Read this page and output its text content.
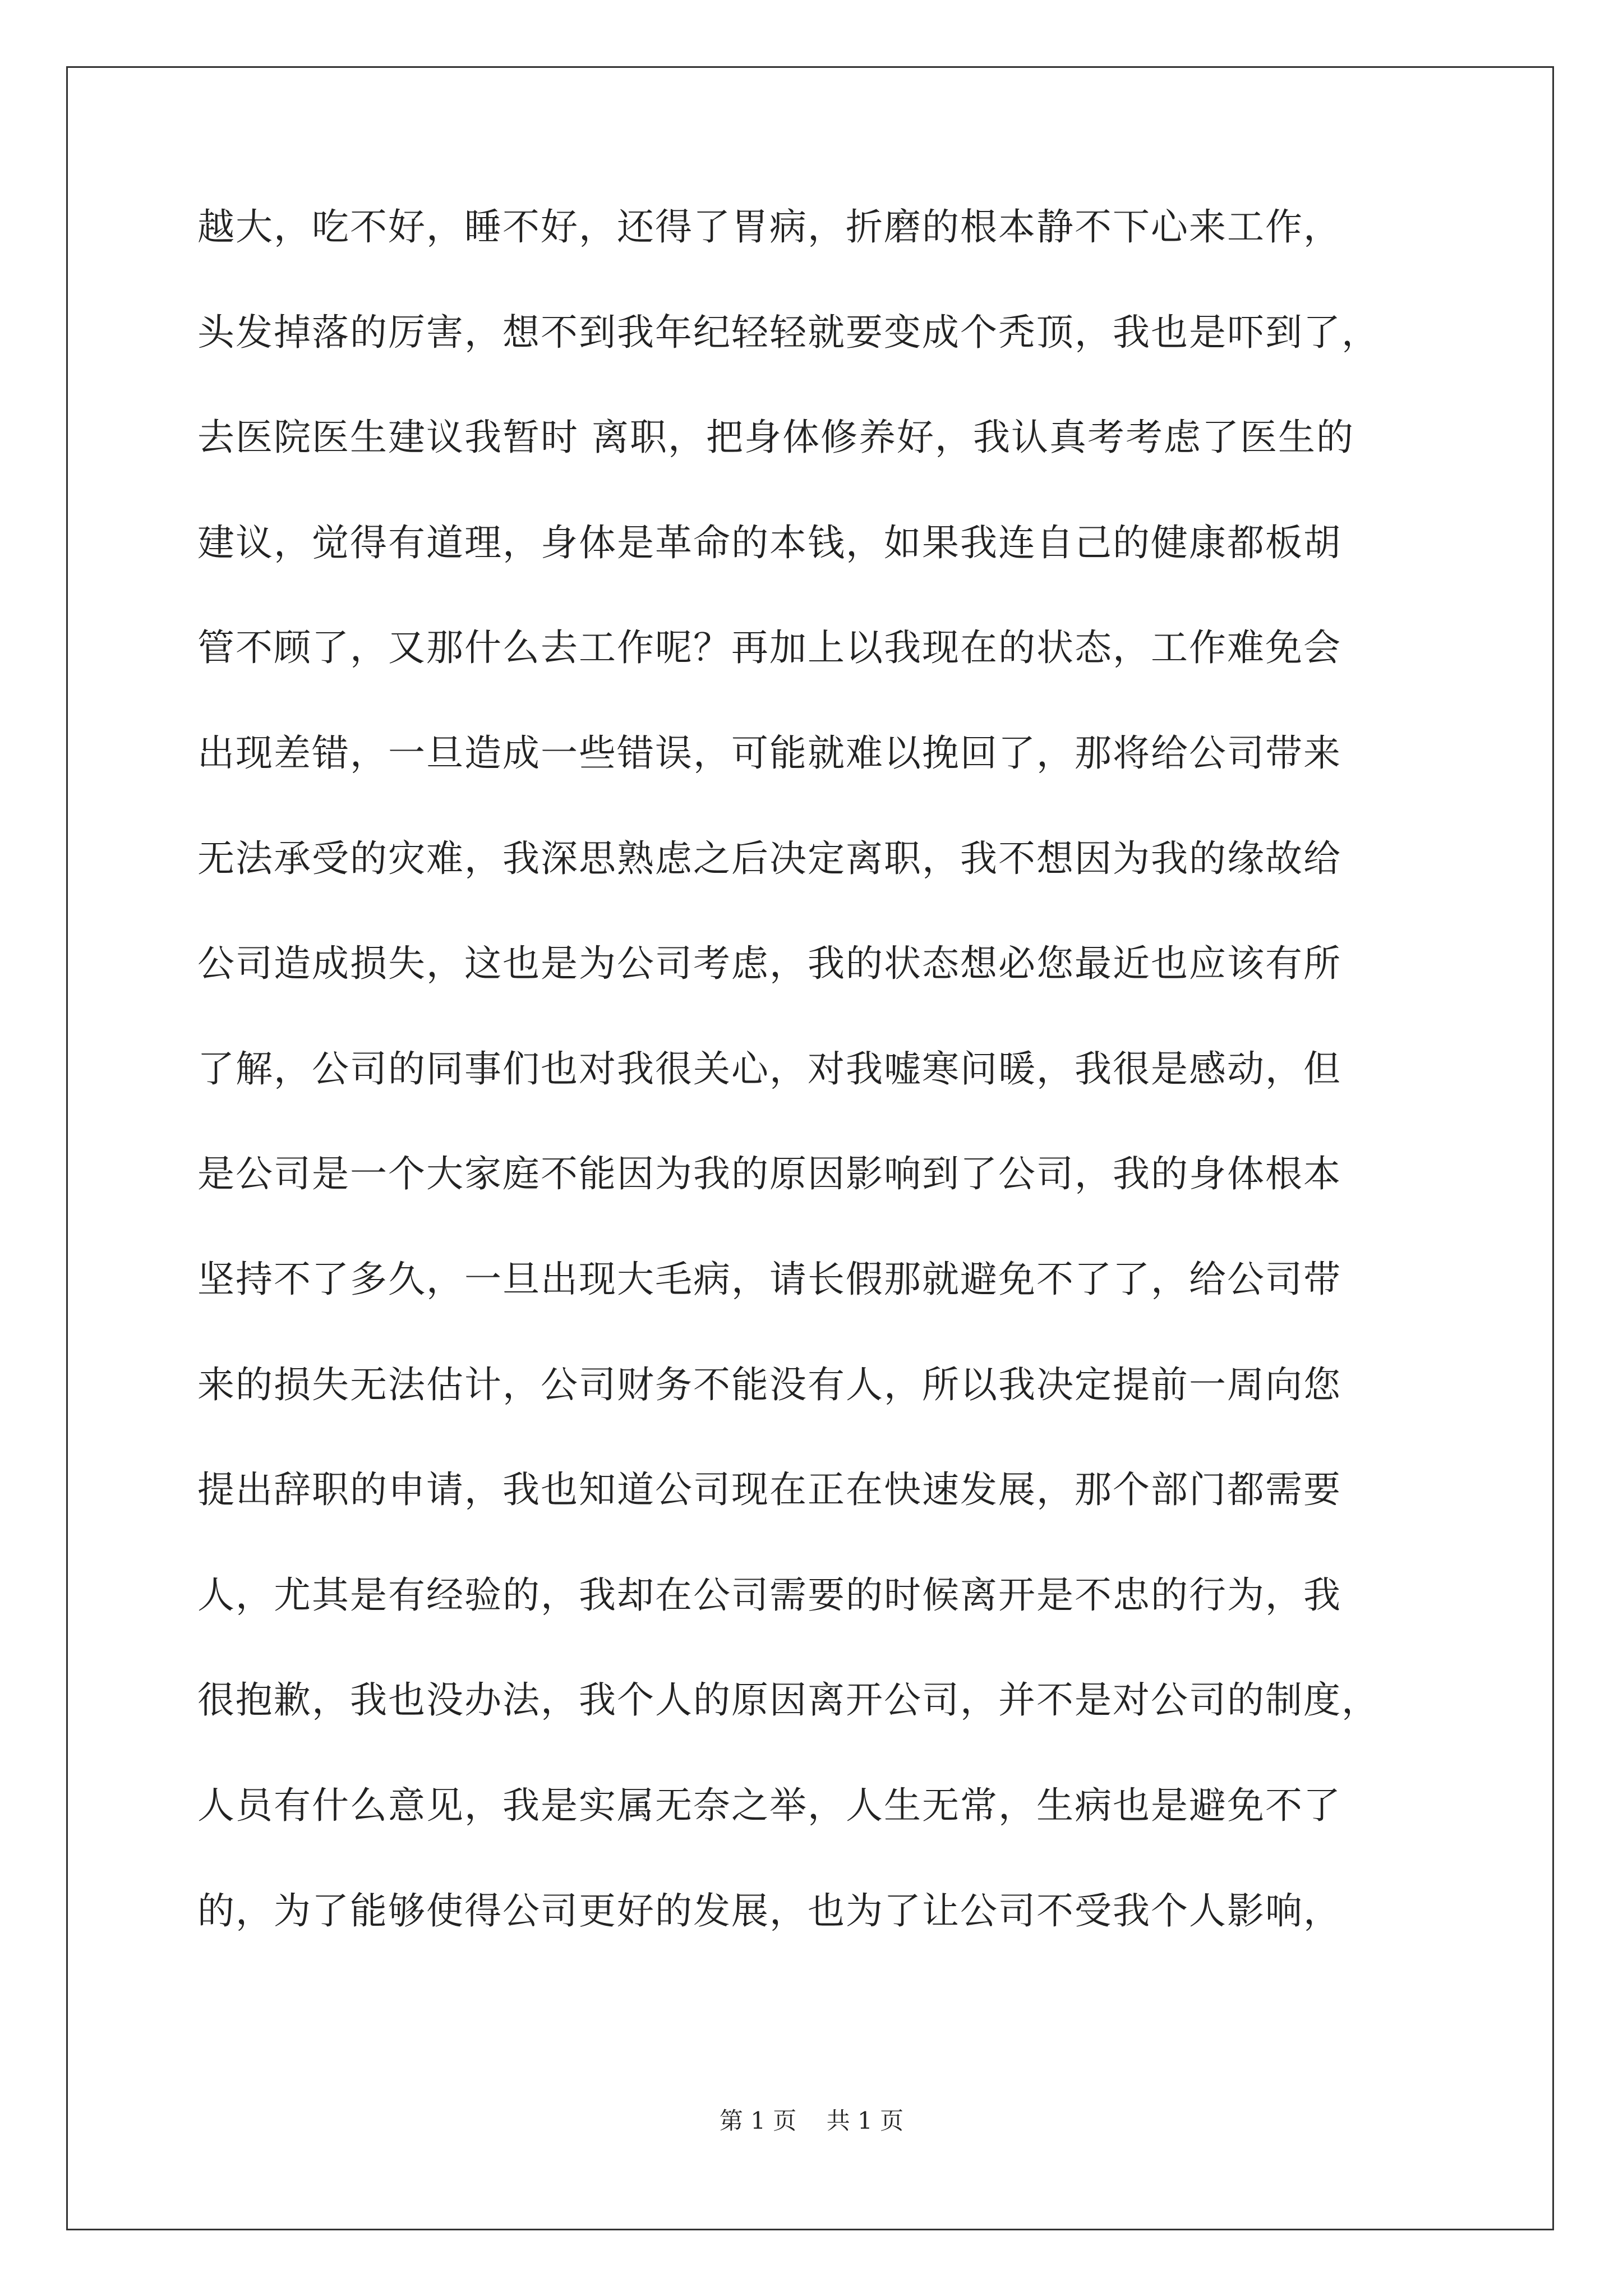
越大，吃不好，睡不好，还得了胃病，折磨的根本静不下心来工作，
头发掉落的厉害，想不到我年纪轻轻就要变成个秃顶，我也是吓到了，
去医院医生建议我暂时 离职，把身体修养好，我认真考考虑了医生的
建议，觉得有道理，身体是革命的本钱，如果我连自己的健康都板胡
管不顾了，又那什么去工作呢？再加上以我现在的状态，工作难免会
出现差错，一旦造成一些错误，可能就难以挽回了，那将给公司带来
无法承受的灾难，我深思熟虑之后决定离职，我不想因为我的缘故给
公司造成损失，这也是为公司考虑，我的状态想必您最近也应该有所
了解，公司的同事们也对我很关心，对我嘘寒问暖，我很是感动，但
是公司是一个大家庭不能因为我的原因影响到了公司，我的身体根本
坚持不了多久，一旦出现大毛病，请长假那就避免不了了，给公司带
来的损失无法估计，公司财务不能没有人，所以我决定提前一周向您
提出辞职的申请，我也知道公司现在正在快速发展，那个部门都需要
人，尤其是有经验的，我却在公司需要的时候离开是不忠的行为，我
很抱歉，我也没办法，我个人的原因离开公司，并不是对公司的制度，
人员有什么意见，我是实属无奈之举，人生无常，生病也是避免不了
的，为了能够使得公司更好的发展，也为了让公司不受我个人影响，
第 1 页    共 1 页
